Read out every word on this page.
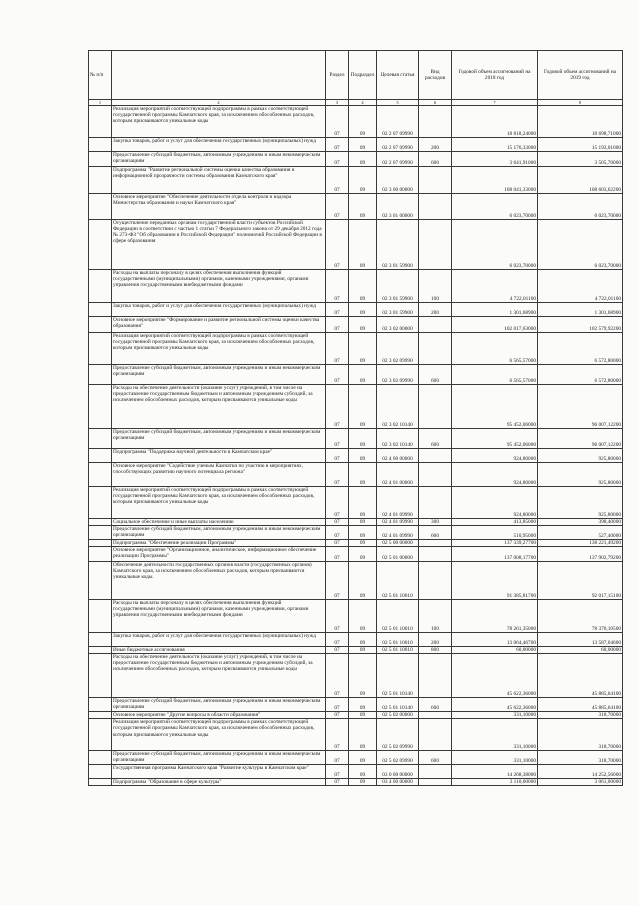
№ п/п		Раздел	Подраздел	Целевая статья	Вид расходов	Годовой объем ассигнований на 2018 год	Годовой объем ассигнований на 2019 год
1	2	3	4	5	6	7	8
	Реализация мероприятий соответствующей подпрограммы в рамках соответствующей государственной программы Камчатского края, за исключением обособленных расходов, которым присваиваются уникальные коды	07	09	02 2 07 09990		18 818,24000	18 698,71000
	Закупка товаров, работ и услуг для обеспечения государственных (муниципальных) нужд	07	09	02 2 07 09990	200	15 176,33000	15 193,01000
	Предоставление субсидий бюджетным, автономным учреждениям и иным некоммерческим организациям	07	09	02 2 07 09990	600	3 641,91000	3 505,70000
	Подпрограмма "Развитие региональной системы оценки качества образования и информационной прозрачности системы образования Камчатского края"	07	09	02 3 00 00000		108 041,33000	108 603,62200
	Основное мероприятие "Обеспечение деятельности отдела контроля и надзора Министерства образования и науки Камчатского края"	07	09	02 3 01 00000		6 023,70000	6 023,70000
	Осуществление переданных органам государственной власти субъектов Российской Федерации в соответствии с частью 1 статьи 7 Федерального закона от 29 декабря 2012 года № 273-ФЗ "Об образовании в Российской Федерации" полномочий Российской Федерации в сфере образования	07	09	02 3 01 59900		6 023,70000	6 023,70000
	Расходы на выплаты персоналу в целях обеспечения выполнения функций государственными (муниципальными) органами, казенными учреждениями, органами управления государственными внебюджетными фондами	07	09	02 3 01 59900	100	4 722,01100	4 722,01100
	Закупка товаров, работ и услуг для обеспечения государственных (муниципальных) нужд	07	09	02 3 01 59900	200	1 301,68900	1 301,68900
	Основное мероприятие "Формирование и развитие региональной системы оценки качества образования"	07	09	02 3 02 00000		102 017,63000	102 579,92200
	Реализация мероприятий соответствующей подпрограммы в рамках соответствующей государственной программы Камчатского края, за исключением обособленных расходов, которым присваиваются уникальные коды	07	09	02 3 02 09990		6 565,57000	6 572,80000
	Предоставление субсидий бюджетным, автономным учреждениям и иным некоммерческим организациям	07	09	02 3 02 09990	600	6 565,57000	6 572,80000
	Расходы на обеспечение деятельности (оказание услуг) учреждений, в том числе на предоставление государственным бюджетным и автономным учреждениям субсидий, за исключением обособленных расходов, которым присваиваются уникальные коды	07	09	02 3 02 10140		95 452,06000	96 007,12200
	Предоставление субсидий бюджетным, автономным учреждениям и иным некоммерческим организациям	07	09	02 3 02 10140	600	95 452,06000	96 007,12200
	Подпрограмма "Поддержка научной деятельности в Камчатском крае"	07	09	02 4 00 00000		924,80000	925,80000
	Основное мероприятие "Содействие ученым Камчатки по участию в мероприятиях, способствующих развитию научного потенциала региона"	07	09	02 4 01 00000		924,80000	925,80000
	Реализация мероприятий соответствующей подпрограммы в рамках соответствующей государственной программы Камчатского края, за исключением обособленных расходов, которым присваиваются уникальные коды	07	09	02 4 01 09990		924,80000	925,80000
	Социальное обеспечение и иные выплаты населению	07	09	02 4 01 09990	300	413,85000	398,40000
	Предоставление субсидий бюджетным, автономным учреждениям и иным некоммерческим организациям	07	09	02 4 01 09990	600	510,95000	527,40000
	Подпрограмма "Обеспечение реализации Программы"	07	09	02 5 00 00000		137 339,27700	138 221,49200
	Основное мероприятие "Организационное, аналитическое, информационное обеспечение реализации Программы"	07	09	02 5 01 00000		137 008,17700	137 902,79200
	Обеспечение деятельности государственных органов власти (государственных органов) Камчатского края, за исключением обособленных расходов, которым присваиваются уникальные коды.	07	09	02 5 01 10010		91 385,81700	92 017,15100
	Расходы на выплаты персоналу в целях обеспечения выполнения функций государственными (муниципальными) органами, казенными учреждениями, органами управления государственными внебюджетными фондами	07	09	02 5 01 10010	100	78 261,35000	78 370,10500
	Закупка товаров, работ и услуг для обеспечения государственных (муниципальных) нужд	07	09	02 5 01 10010	200	13 064,46700	13 587,04600
	Иные бюджетные ассигнования	07	09	02 5 01 10010	800	60,00000	60,00000
	Расходы на обеспечение деятельности (оказание услуг) учреждений, в том числе на предоставление государственным бюджетным и автономным учреждениям субсидий, за исключением обособленных расходов, которым присваиваются уникальные коды	07	09	02 5 01 10140		45 622,36000	45 885,64100
	Предоставление субсидий бюджетным, автономным учреждениям и иным некоммерческим организациям	07	09	02 5 01 10140	600	45 622,36000	45 885,64100
	Основное мероприятие "Другие вопросы в области образования"	07	09	02 5 02 00000		331,10000	318,70000
	Реализация мероприятий соответствующей подпрограммы в рамках соответствующей государственной программы Камчатского края, за исключением обособленных расходов, которым присваиваются уникальные коды	07	09	02 5 02 09990		331,10000	318,70000
	Предоставление субсидий бюджетным, автономным учреждениям и иным некоммерческим организациям	07	09	02 5 02 09990	600	331,10000	318,70000
	Государственная программа Камчатского края "Развитие культуры в Камчатском крае"	07	09	03 0 00 00000		14 268,38000	14 252,56000
	Подпрограмма "Образование в сфере культуры"	07	09	03 4 00 00000		3 110,00000	3 061,00000
